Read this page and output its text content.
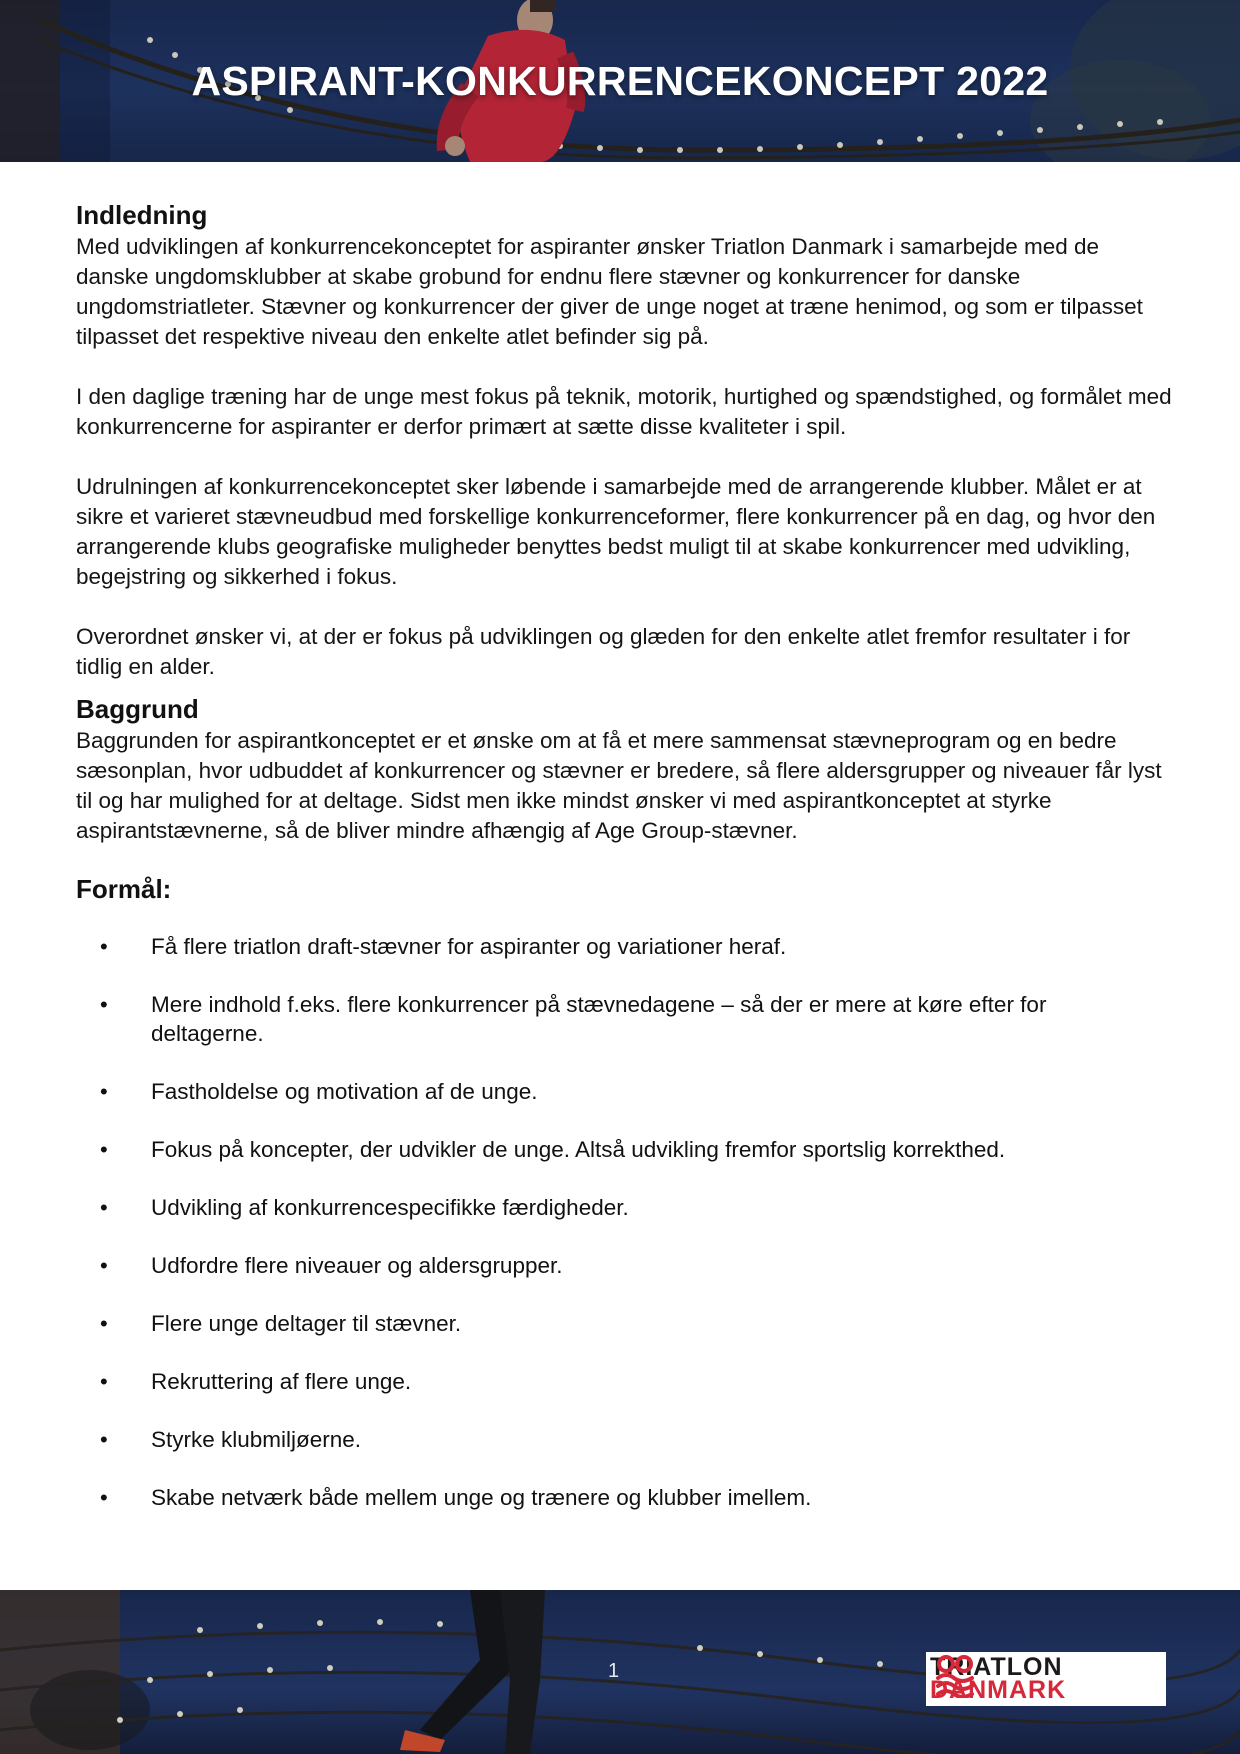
ASPIRANT-KONKURRENCEKONCEPT 2022
Indledning

Med udviklingen af konkurrencekonceptet for aspiranter ønsker Triatlon Danmark i samarbejde med de danske ungdomsklubber at skabe grobund for endnu flere stævner og konkurrencer for danske ungdomstriatleter. Stævner og konkurrencer der giver de unge noget at træne henimod, og som er tilpasset tilpasset det respektive niveau den enkelte atlet befinder sig på.

I den daglige træning har de unge mest fokus på teknik, motorik, hurtighed og spændstighed, og formålet med konkurrencerne for aspiranter er derfor primært at sætte disse kvaliteter i spil.

Udrulningen af konkurrencekonceptet sker løbende i samarbejde med de arrangerende klubber. Målet er at sikre et varieret stævneudbud med forskellige konkurrenceformer, flere konkurrencer på en dag, og hvor den arrangerende klubs geografiske muligheder benyttes bedst muligt til at skabe konkurrencer med udvikling, begejstring og sikkerhed i fokus.

Overordnet ønsker vi, at der er fokus på udviklingen og glæden for den enkelte atlet fremfor resultater i for tidlig en alder.

Baggrund

Baggrunden for aspirantkonceptet er et ønske om at få et mere sammensat stævneprogram og en bedre sæsonplan, hvor udbuddet af konkurrencer og stævner er bredere, så flere aldersgrupper og niveauer får lyst til og har mulighed for at deltage. Sidst men ikke mindst ønsker vi med aspirantkonceptet at styrke aspirantstævnerne, så de bliver mindre afhængig af Age Group-stævner.

Formål:
• Få flere triatlon draft-stævner for aspiranter og variationer heraf.
• Mere indhold f.eks. flere konkurrencer på stævnedagene – så der er mere at køre efter for deltagerne.
• Fastholdelse og motivation af de unge.
• Fokus på koncepter, der udvikler de unge. Altså udvikling fremfor sportslig korrekthed.
• Udvikling af konkurrencespecifikke færdigheder.
• Udfordre flere niveauer og aldersgrupper.
• Flere unge deltager til stævner.
• Rekruttering af flere unge.
• Styrke klubmiljøerne.
• Skabe netværk både mellem unge og trænere og klubber imellem.
1	TRIATLON
DANMARK
